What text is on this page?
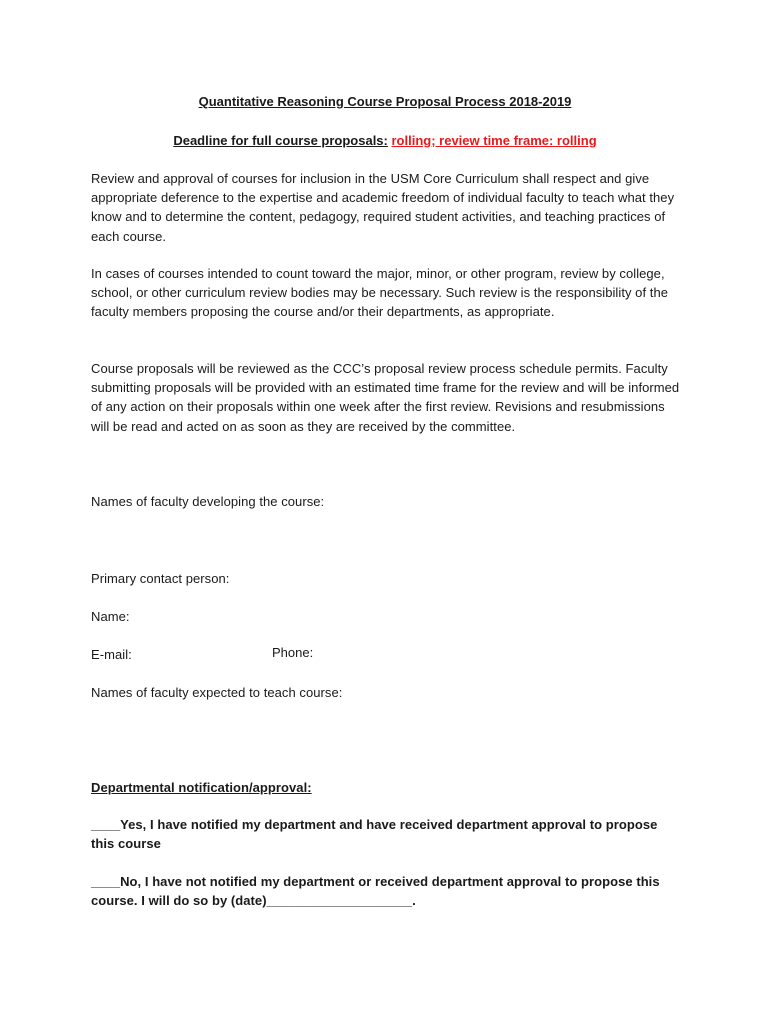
Quantitative Reasoning Course Proposal Process 2018-2019
Deadline for full course proposals: rolling; review time frame: rolling
Review and approval of courses for inclusion in the USM Core Curriculum shall respect and give appropriate deference to the expertise and academic freedom of individual faculty to teach what they know and to determine the content, pedagogy, required student activities, and teaching practices of each course.
In cases of courses intended to count toward the major, minor, or other program, review by college, school, or other curriculum review bodies may be necessary. Such review is the responsibility of the faculty members proposing the course and/or their departments, as appropriate.
Course proposals will be reviewed as the CCC’s proposal review process schedule permits. Faculty submitting proposals will be provided with an estimated time frame for the review and will be informed of any action on their proposals within one week after the first review. Revisions and resubmissions will be read and acted on as soon as they are received by the committee.
Names of faculty developing the course:
Primary contact person:
Name:
E-mail:	Phone:
Names of faculty expected to teach course:
Departmental notification/approval:
____Yes, I have notified my department and have received department approval to propose this course
____No, I have not notified my department or received department approval to propose this course. I will do so by (date)____________________.
